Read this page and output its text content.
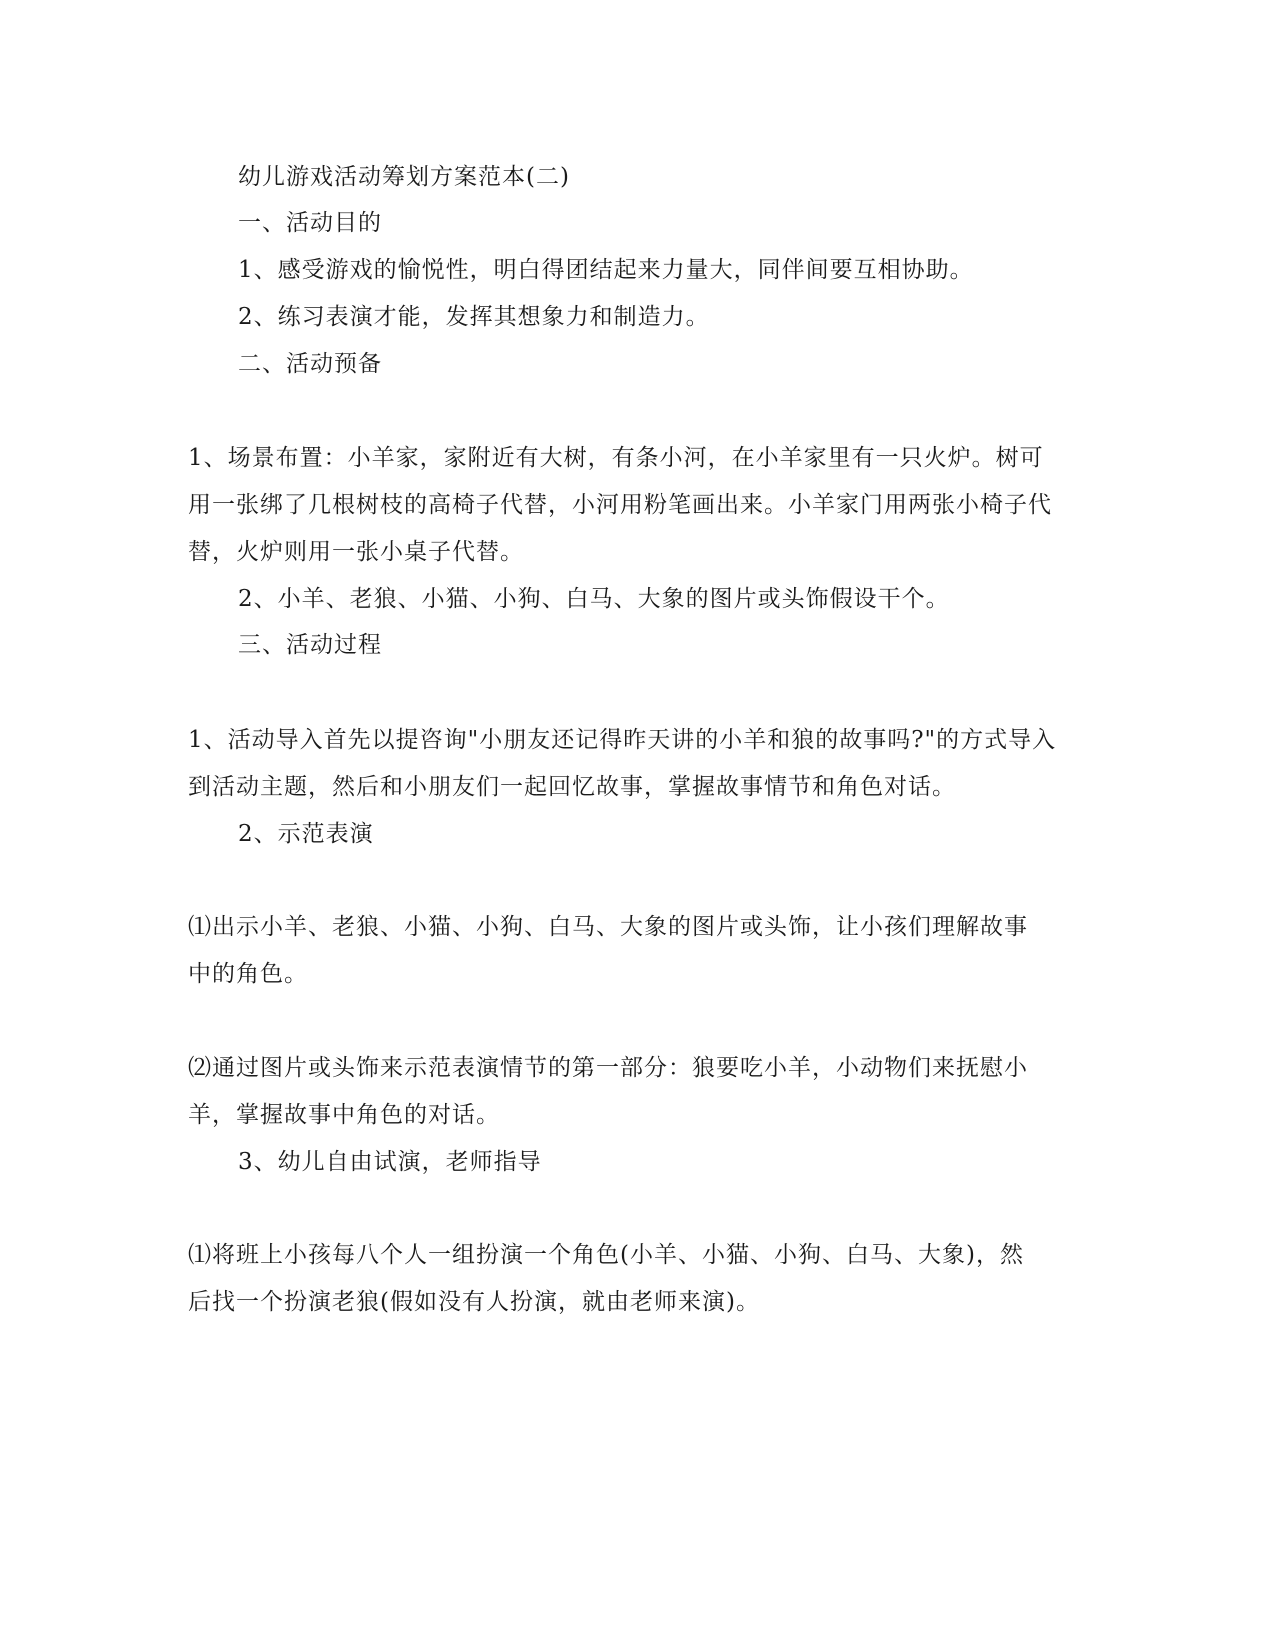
幼儿游戏活动筹划方案范本(二)
一、活动目的
1、感受游戏的愉悦性，明白得团结起来力量大，同伴间要互相协助。
2、练习表演才能，发挥其想象力和制造力。
二、活动预备
1、场景布置：小羊家，家附近有大树，有条小河，在小羊家里有一只火炉。树可
用一张绑了几根树枝的高椅子代替，小河用粉笔画出来。小羊家门用两张小椅子代
替，火炉则用一张小桌子代替。
2、小羊、老狼、小猫、小狗、白马、大象的图片或头饰假设干个。
三、活动过程
1、活动导入首先以提咨询"小朋友还记得昨天讲的小羊和狼的故事吗?"的方式导入
到活动主题，然后和小朋友们一起回忆故事，掌握故事情节和角色对话。
2、示范表演
⑴出示小羊、老狼、小猫、小狗、白马、大象的图片或头饰，让小孩们理解故事
中的角色。
⑵通过图片或头饰来示范表演情节的第一部分：狼要吃小羊，小动物们来抚慰小
羊，掌握故事中角色的对话。
3、幼儿自由试演，老师指导
⑴将班上小孩每八个人一组扮演一个角色(小羊、小猫、小狗、白马、大象)，然
后找一个扮演老狼(假如没有人扮演，就由老师来演)。
